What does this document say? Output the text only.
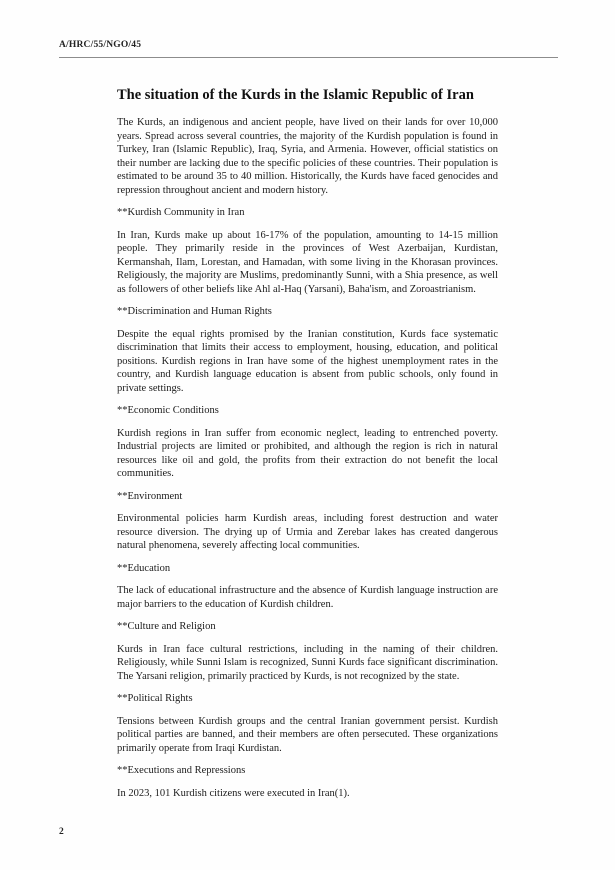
A/HRC/55/NGO/45
The situation of the Kurds in the Islamic Republic of Iran

The Kurds, an indigenous and ancient people, have lived on their lands for over 10,000 years. Spread across several countries, the majority of the Kurdish population is found in Turkey, Iran (Islamic Republic), Iraq, Syria, and Armenia. However, official statistics on their number are lacking due to the specific policies of these countries. Their population is estimated to be around 35 to 40 million. Historically, the Kurds have faced genocides and repression throughout ancient and modern history.

**Kurdish Community in Iran

In Iran, Kurds make up about 16-17% of the population, amounting to 14-15 million people. They primarily reside in the provinces of West Azerbaijan, Kurdistan, Kermanshah, Ilam, Lorestan, and Hamadan, with some living in the Khorasan provinces. Religiously, the majority are Muslims, predominantly Sunni, with a Shia presence, as well as followers of other beliefs like Ahl al-Haq (Yarsani), Baha'ism, and Zoroastrianism.

**Discrimination and Human Rights

Despite the equal rights promised by the Iranian constitution, Kurds face systematic discrimination that limits their access to employment, housing, education, and political positions. Kurdish regions in Iran have some of the highest unemployment rates in the country, and Kurdish language education is absent from public schools, only found in private settings.

**Economic Conditions

Kurdish regions in Iran suffer from economic neglect, leading to entrenched poverty. Industrial projects are limited or prohibited, and although the region is rich in natural resources like oil and gold, the profits from their extraction do not benefit the local communities.

**Environment

Environmental policies harm Kurdish areas, including forest destruction and water resource diversion. The drying up of Urmia and Zerebar lakes has created dangerous natural phenomena, severely affecting local communities.

**Education

The lack of educational infrastructure and the absence of Kurdish language instruction are major barriers to the education of Kurdish children.

**Culture and Religion

Kurds in Iran face cultural restrictions, including in the naming of their children. Religiously, while Sunni Islam is recognized, Sunni Kurds face significant discrimination. The Yarsani religion, primarily practiced by Kurds, is not recognized by the state.

**Political Rights

Tensions between Kurdish groups and the central Iranian government persist. Kurdish political parties are banned, and their members are often persecuted. These organizations primarily operate from Iraqi Kurdistan.

**Executions and Repressions

In 2023, 101 Kurdish citizens were executed in Iran(1).

2
